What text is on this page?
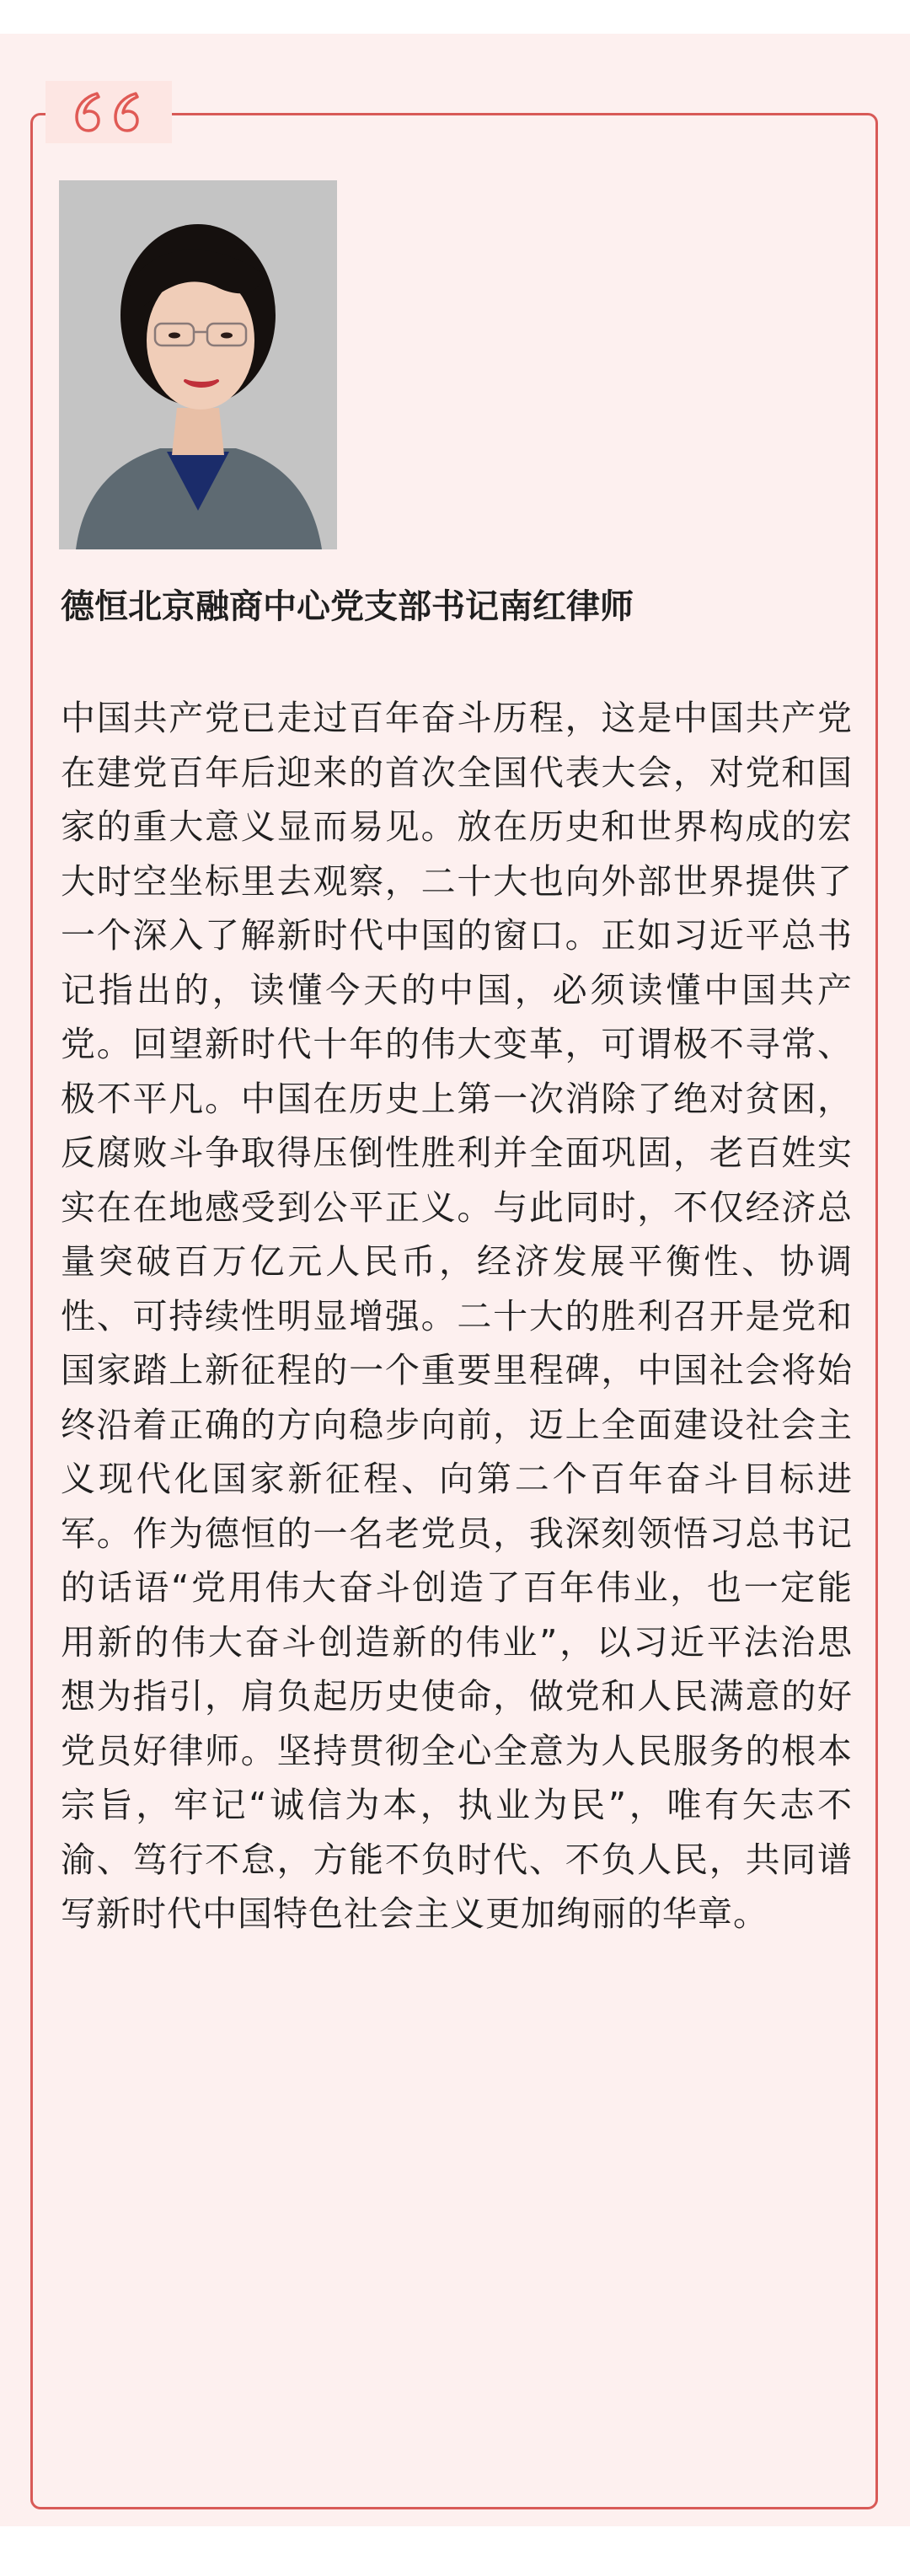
德恒北京融商中心党支部书记南红律师
中国共产党已走过百年奋斗历程，这是中国共产党在建党百年后迎来的首次全国代表大会，对党和国家的重大意义显而易见。放在历史和世界构成的宏大时空坐标里去观察，二十大也向外部世界提供了一个深入了解新时代中国的窗口。正如习近平总书记指出的，读懂今天的中国，必须读懂中国共产党。回望新时代十年的伟大变革，可谓极不寻常、极不平凡。中国在历史上第一次消除了绝对贫困，反腐败斗争取得压倒性胜利并全面巩固，老百姓实实在在地感受到公平正义。与此同时，不仅经济总量突破百万亿元人民币，经济发展平衡性、协调性、可持续性明显增强。二十大的胜利召开是党和国家踏上新征程的一个重要里程碑，中国社会将始终沿着正确的方向稳步向前，迈上全面建设社会主义现代化国家新征程、向第二个百年奋斗目标进军。作为德恒的一名老党员，我深刻领悟习总书记的话语“党用伟大奋斗创造了百年伟业，也一定能用新的伟大奋斗创造新的伟业”，以习近平法治思想为指引，肩负起历史使命，做党和人民满意的好党员好律师。坚持贯彻全心全意为人民服务的根本宗旨，牢记“诚信为本，执业为民”，唯有矢志不渝、笃行不怠，方能不负时代、不负人民，共同谱写新时代中国特色社会主义更加绚丽的华章。
